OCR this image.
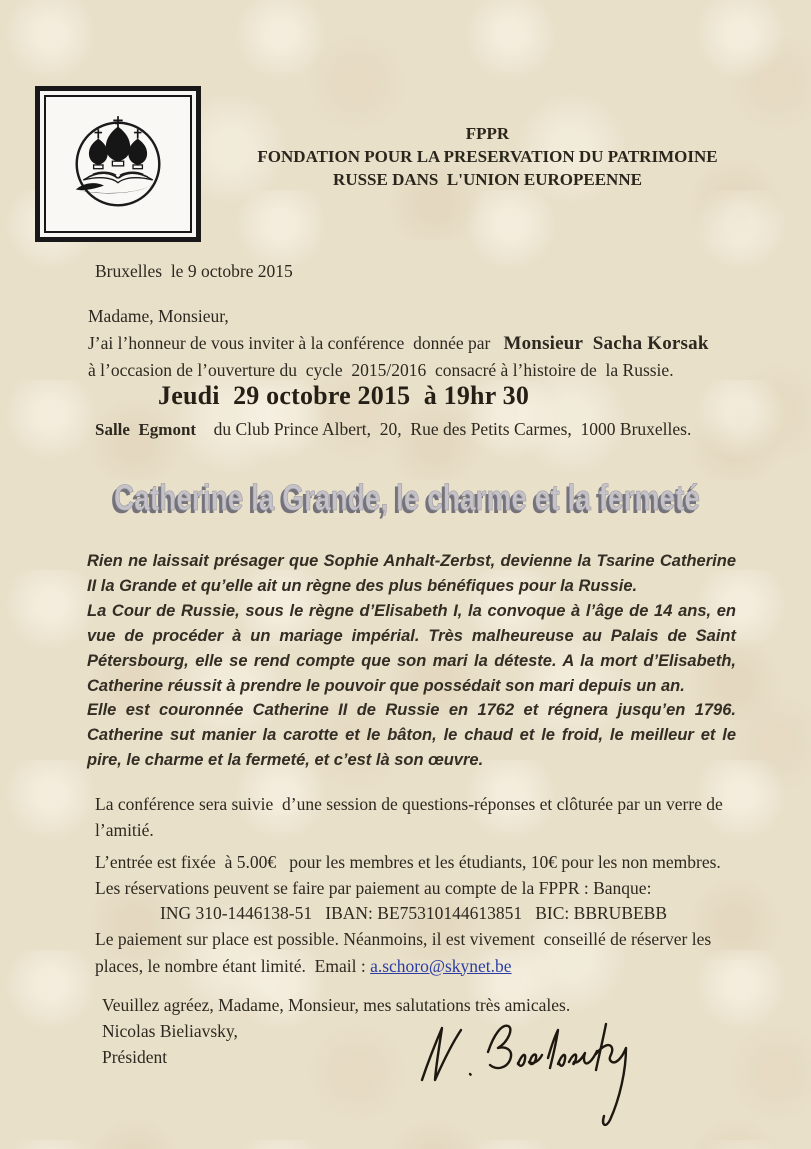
FPPR
FONDATION POUR LA PRESERVATION DU PATRIMOINE
RUSSE DANS  L'UNION EUROPEENNE
Bruxelles  le 9 octobre 2015
Madame, Monsieur,
J’ai l’honneur de vous inviter à la conférence  donnée par   Monsieur  Sacha Korsak
à l’occasion de l’ouverture du  cycle  2015/2016  consacré à l’histoire de  la Russie.
Jeudi  29 octobre 2015  à 19hr 30
Salle  Egmont    du Club Prince Albert,  20,  Rue des Petits Carmes,  1000 Bruxelles.
Catherine la Grande, le charme et la fermeté
Catherine la Grande, le charme et la fermeté

Rien ne laissait présager que Sophie Anhalt-Zerbst, devienne la Tsarine Catherine II la Grande et qu’elle ait un règne des plus bénéfiques pour la Russie.

La Cour de Russie, sous le règne d’Elisabeth I, la convoque à l’âge de 14 ans, en vue de procéder à un mariage impérial. Très malheureuse au Palais de Saint Pétersbourg, elle se rend compte que son mari la déteste. A la mort d’Elisabeth, Catherine réussit à prendre le pouvoir que possédait son mari depuis un an.

Elle est couronnée Catherine II de Russie en 1762 et régnera jusqu’en 1796. Catherine sut manier la carotte et le bâton, le chaud et le froid, le meilleur et le pire, le charme et la fermeté, et c’est là son œuvre.

La conférence sera suivie  d’une session de questions-réponses et clôturée par un verre de l’amitié.
L’entrée est fixée  à 5.00€   pour les membres et les étudiants, 10€ pour les non membres.
Les réservations peuvent se faire par paiement au compte de la FPPR : Banque:
ING 310-1446138-51   IBAN: BE75310144613851   BIC: BBRUBEBB
Le paiement sur place est possible. Néanmoins, il est vivement  conseillé de réserver les places, le nombre étant limité.  Email : a.schoro@skynet.be
Veuillez agréez, Madame, Monsieur, mes salutations très amicales.
Nicolas Bieliavsky,
Président
